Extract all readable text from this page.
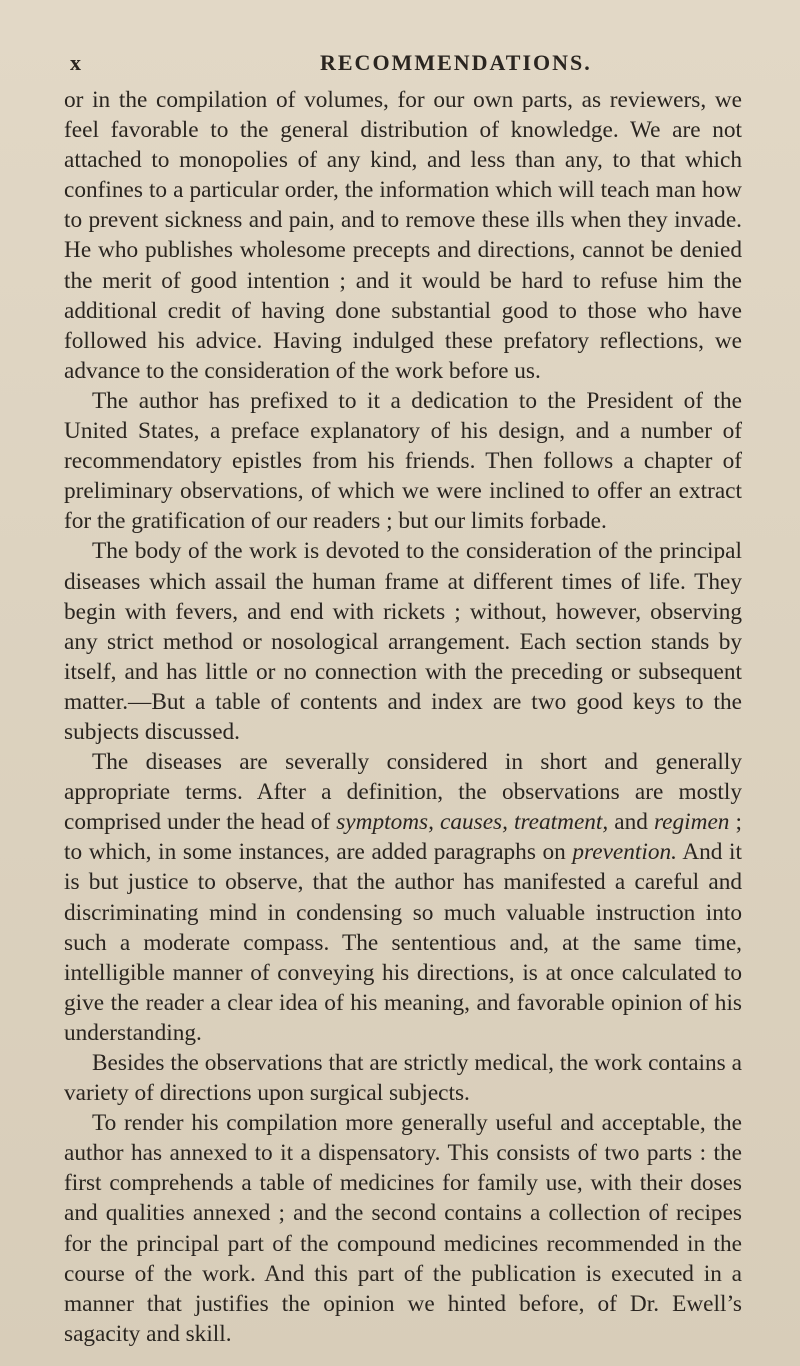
x	RECOMMENDATIONS.

or in the compilation of volumes, for our own parts, as reviewers, we feel favorable to the general distribution of knowledge. We are not attached to monopolies of any kind, and less than any, to that which confines to a particular order, the information which will teach man how to prevent sickness and pain, and to remove these ills when they invade. He who publishes wholesome precepts and directions, cannot be denied the merit of good intention ; and it would be hard to refuse him the additional credit of having done substantial good to those who have followed his advice. Having indulged these prefatory reflections, we advance to the consideration of the work before us.

The author has prefixed to it a dedication to the President of the United States, a preface explanatory of his design, and a number of recommendatory epistles from his friends. Then follows a chapter of preliminary observations, of which we were inclined to offer an extract for the gratification of our readers ; but our limits forbade.

The body of the work is devoted to the consideration of the principal diseases which assail the human frame at different times of life. They begin with fevers, and end with rickets ; without, however, observing any strict method or nosological arrangement. Each section stands by itself, and has little or no connection with the preceding or subsequent matter.—But a table of contents and index are two good keys to the subjects discussed.

The diseases are severally considered in short and generally appropriate terms. After a definition, the observations are mostly comprised under the head of symptoms, causes, treatment, and regimen ; to which, in some instances, are added paragraphs on prevention. And it is but justice to observe, that the author has manifested a careful and discriminating mind in condensing so much valuable instruction into such a moderate compass. The sententious and, at the same time, intelligible manner of conveying his directions, is at once calculated to give the reader a clear idea of his meaning, and favorable opinion of his understanding.

Besides the observations that are strictly medical, the work contains a variety of directions upon surgical subjects.

To render his compilation more generally useful and acceptable, the author has annexed to it a dispensatory. This consists of two parts : the first comprehends a table of medicines for family use, with their doses and qualities annexed ; and the second contains a collection of recipes for the principal part of the compound medicines recommended in the course of the work. And this part of the publication is executed in a manner that justifies the opinion we hinted before, of Dr. Ewell’s sagacity and skill.
